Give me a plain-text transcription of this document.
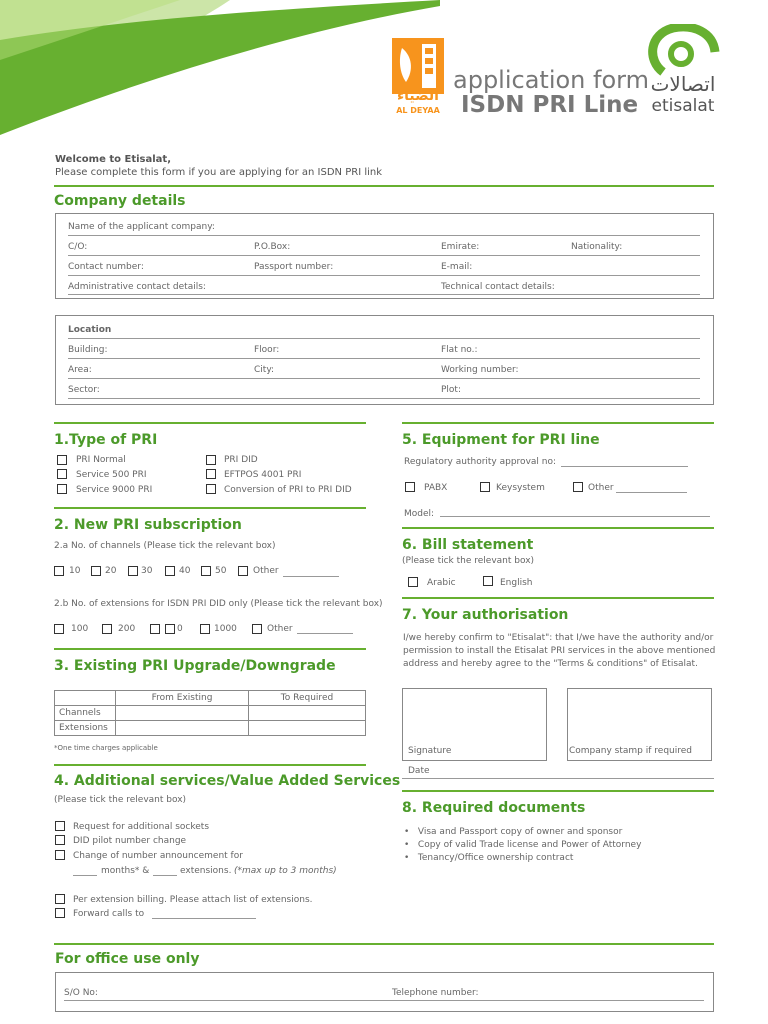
الضياء
AL DEYAA
application form
ISDN PRI Line
اتصالات
etisalat
Welcome to Etisalat,
Please complete this form if you are applying for an ISDN PRI link
Company details
Name of the applicant company:
C/O:	P.O.Box:	Emirate:	Nationality:
Contact number:	Passport number:	E-mail:
Administrative contact details:	Technical contact details:
Location
Building:	Floor:	Flat no.:
Area:	City:	Working number:
Sector:	Plot:
1.Type of PRI
PRI Normal
Service 500 PRI
Service 9000 PRI
PRI DID
EFTPOS 4001 PRI
Conversion of PRI to PRI DID
2. New PRI subscription
2.a No. of channels (Please tick the relevant box)
10	20	30	40	50	Other
2.b No. of extensions for ISDN PRI DID only (Please tick the relevant box)
100	200	0	1000	Other
3. Existing PRI Upgrade/Downgrade
	From Existing	To Required
Channels		
Extensions		
*One time charges applicable
4. Additional services/Value Added Services
(Please tick the relevant box)
Request for additional sockets
DID pilot number change
Change of number announcement for
months* &	extensions. (*max up to 3 months)
Per extension billing. Please attach list of extensions.
Forward calls to
5. Equipment for PRI line
Regulatory authority approval no:
PABX	Keysystem	Other
Model:
6. Bill statement
(Please tick the relevant box)
Arabic	English
7. Your authorisation
I/we hereby confirm to "Etisalat": that I/we have the authority and/or
permission to install the Etisalat PRI services in the above mentioned
address and hereby agree to the "Terms & conditions" of Etisalat.
Signature	Company stamp if required
Date
8. Required documents
•   Visa and Passport copy of owner and sponsor
•   Copy of valid Trade license and Power of Attorney
•   Tenancy/Office ownership contract
For office use only
S/O No:	Telephone number:
